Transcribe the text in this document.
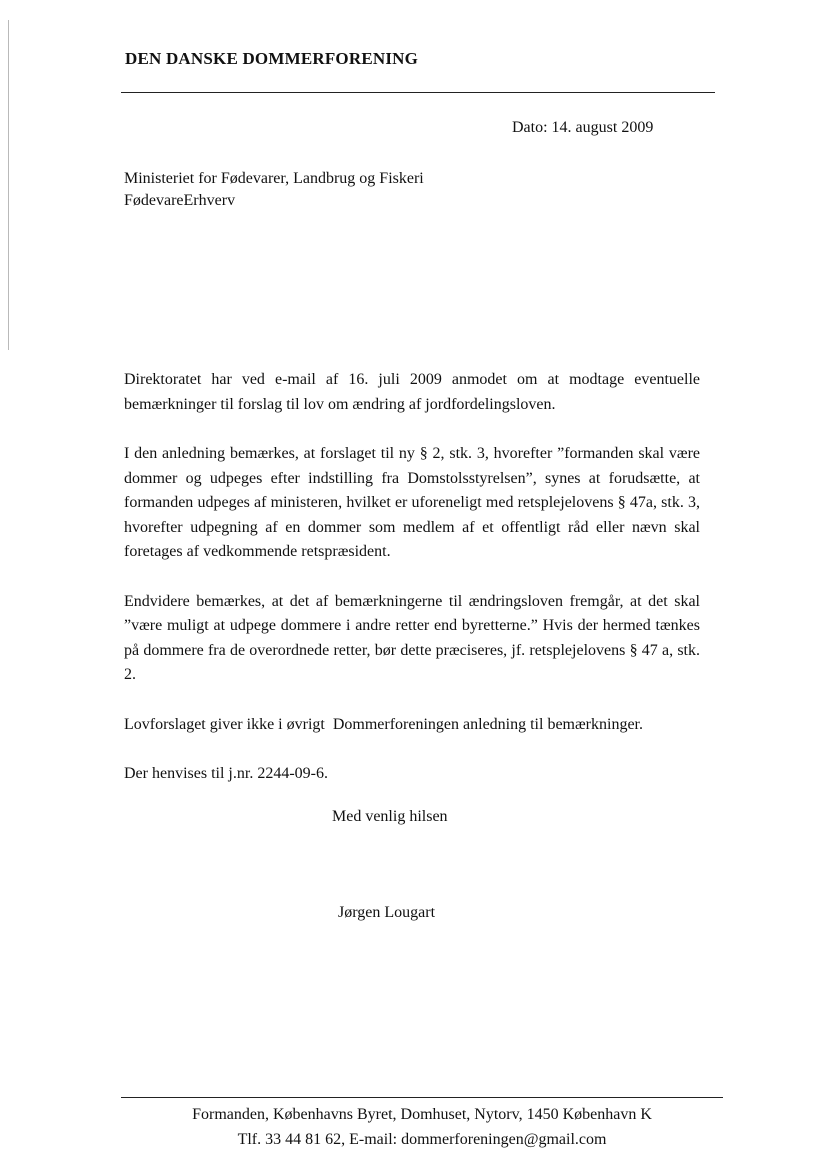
DEN DANSKE DOMMERFORENING
Dato: 14. august 2009
Ministeriet for Fødevarer, Landbrug og Fiskeri
FødevareErhverv

Direktoratet har ved e-mail af 16. juli 2009 anmodet om at modtage eventuelle bemærkninger til forslag til lov om ændring af jordfordelingsloven.

I den anledning bemærkes, at forslaget til ny § 2, stk. 3, hvorefter ”formanden skal være dommer og udpeges efter indstilling fra Domstolsstyrelsen”, synes at forudsætte, at formanden udpeges af ministeren, hvilket er uforeneligt med retsplejelovens § 47a, stk. 3, hvorefter udpegning af en dommer som medlem af et offentligt råd eller nævn skal foretages af vedkommende retspræsident.

Endvidere bemærkes, at det af bemærkningerne til ændringsloven fremgår, at det skal ”være muligt at udpege dommere i andre retter end byretterne.” Hvis der hermed tænkes på dommere fra de overordnede retter, bør dette præciseres, jf. retsplejelovens § 47 a, stk. 2.

Lovforslaget giver ikke i øvrigt  Dommerforeningen anledning til bemærkninger.

Der henvises til j.nr. 2244-09-6.

Med venlig hilsen
Jørgen Lougart
Formanden, Københavns Byret, Domhuset, Nytorv, 1450 København K
Tlf. 33 44 81 62, E-mail: dommerforeningen@gmail.com
